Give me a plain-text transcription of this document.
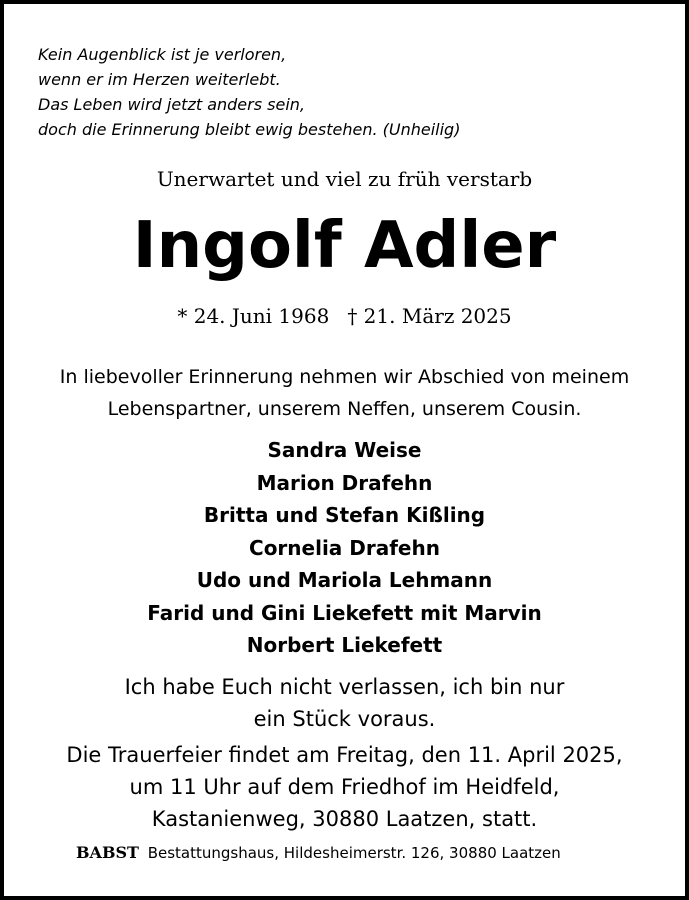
Kein Augenblick ist je verloren,
wenn er im Herzen weiterlebt.
Das Leben wird jetzt anders sein,
doch die Erinnerung bleibt ewig bestehen. (Unheilig)
Unerwartet und viel zu früh verstarb
Ingolf Adler
* 24. Juni 1968 † 21. März 2025
In liebevoller Erinnerung nehmen wir Abschied von meinem
Lebenspartner, unserem Neffen, unserem Cousin.
Sandra Weise
Marion Drafehn
Britta und Stefan Kißling
Cornelia Drafehn
Udo und Mariola Lehmann
Farid und Gini Liekefett mit Marvin
Norbert Liekefett
Ich habe Euch nicht verlassen, ich bin nur
ein Stück voraus.
Die Trauerfeier findet am Freitag, den 11. April 2025,
um 11 Uhr auf dem Friedhof im Heidfeld,
Kastanienweg, 30880 Laatzen, statt.
BABST Bestattungshaus, Hildesheimerstr. 126, 30880 Laatzen
